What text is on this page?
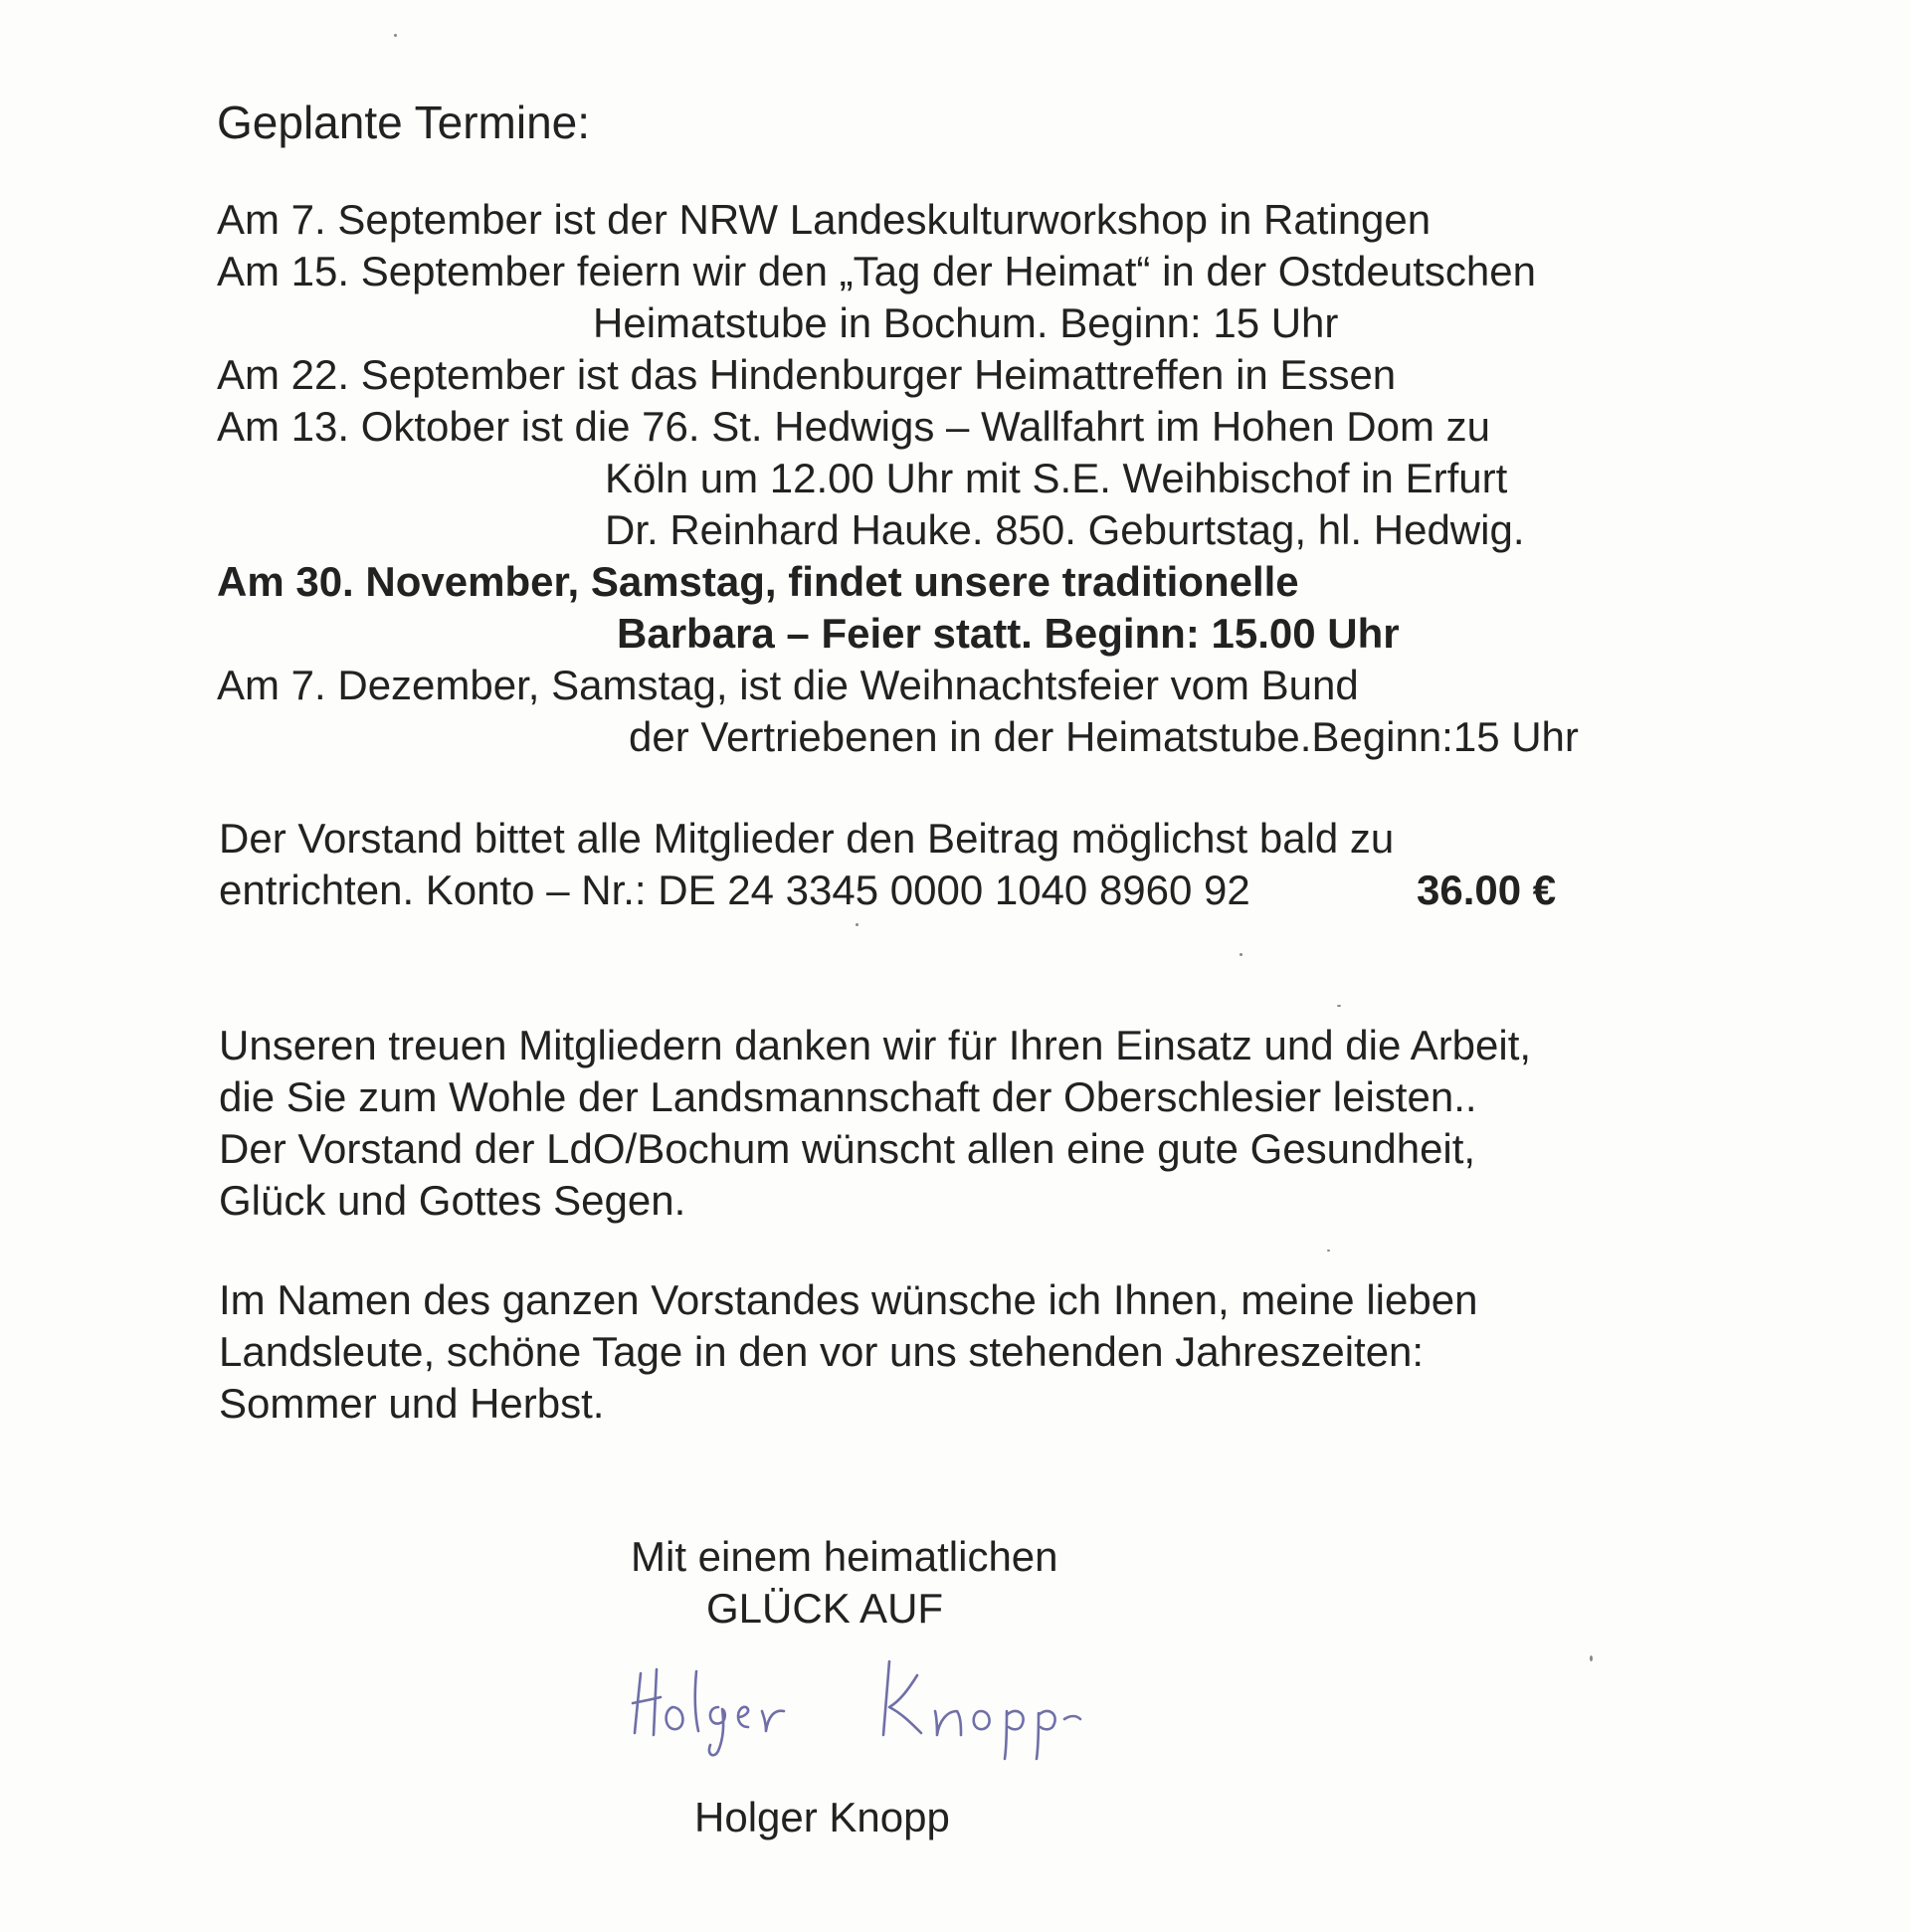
Geplante Termine:
Am 7. September ist der NRW Landeskulturworkshop in Ratingen
Am 15. September feiern wir den „Tag der Heimat“ in der Ostdeutschen
Heimatstube in Bochum. Beginn: 15 Uhr
Am 22. September ist das Hindenburger Heimattreffen in Essen
Am 13. Oktober ist die 76. St. Hedwigs – Wallfahrt im Hohen Dom zu
Köln um 12.00 Uhr mit S.E. Weihbischof in Erfurt
Dr. Reinhard Hauke. 850. Geburtstag, hl. Hedwig.
Am 30. November, Samstag, findet unsere traditionelle
Barbara – Feier statt. Beginn: 15.00 Uhr
Am 7. Dezember, Samstag, ist die Weihnachtsfeier vom Bund
der Vertriebenen in der Heimatstube.Beginn:15 Uhr
Der Vorstand bittet alle Mitglieder den Beitrag möglichst bald zu
entrichten. Konto – Nr.: DE 24 3345 0000 1040 8960 92	36.00 €
Unseren treuen Mitgliedern danken wir für Ihren Einsatz und die Arbeit,
die Sie zum Wohle der Landsmannschaft der Oberschlesier leisten..
Der Vorstand der LdO/Bochum wünscht allen eine gute Gesundheit,
Glück und Gottes Segen.
Im Namen des ganzen Vorstandes wünsche ich Ihnen, meine lieben
Landsleute, schöne Tage in den vor uns stehenden Jahreszeiten:
Sommer und Herbst.
Mit einem heimatlichen
GLÜCK AUF
Holger Knopp
